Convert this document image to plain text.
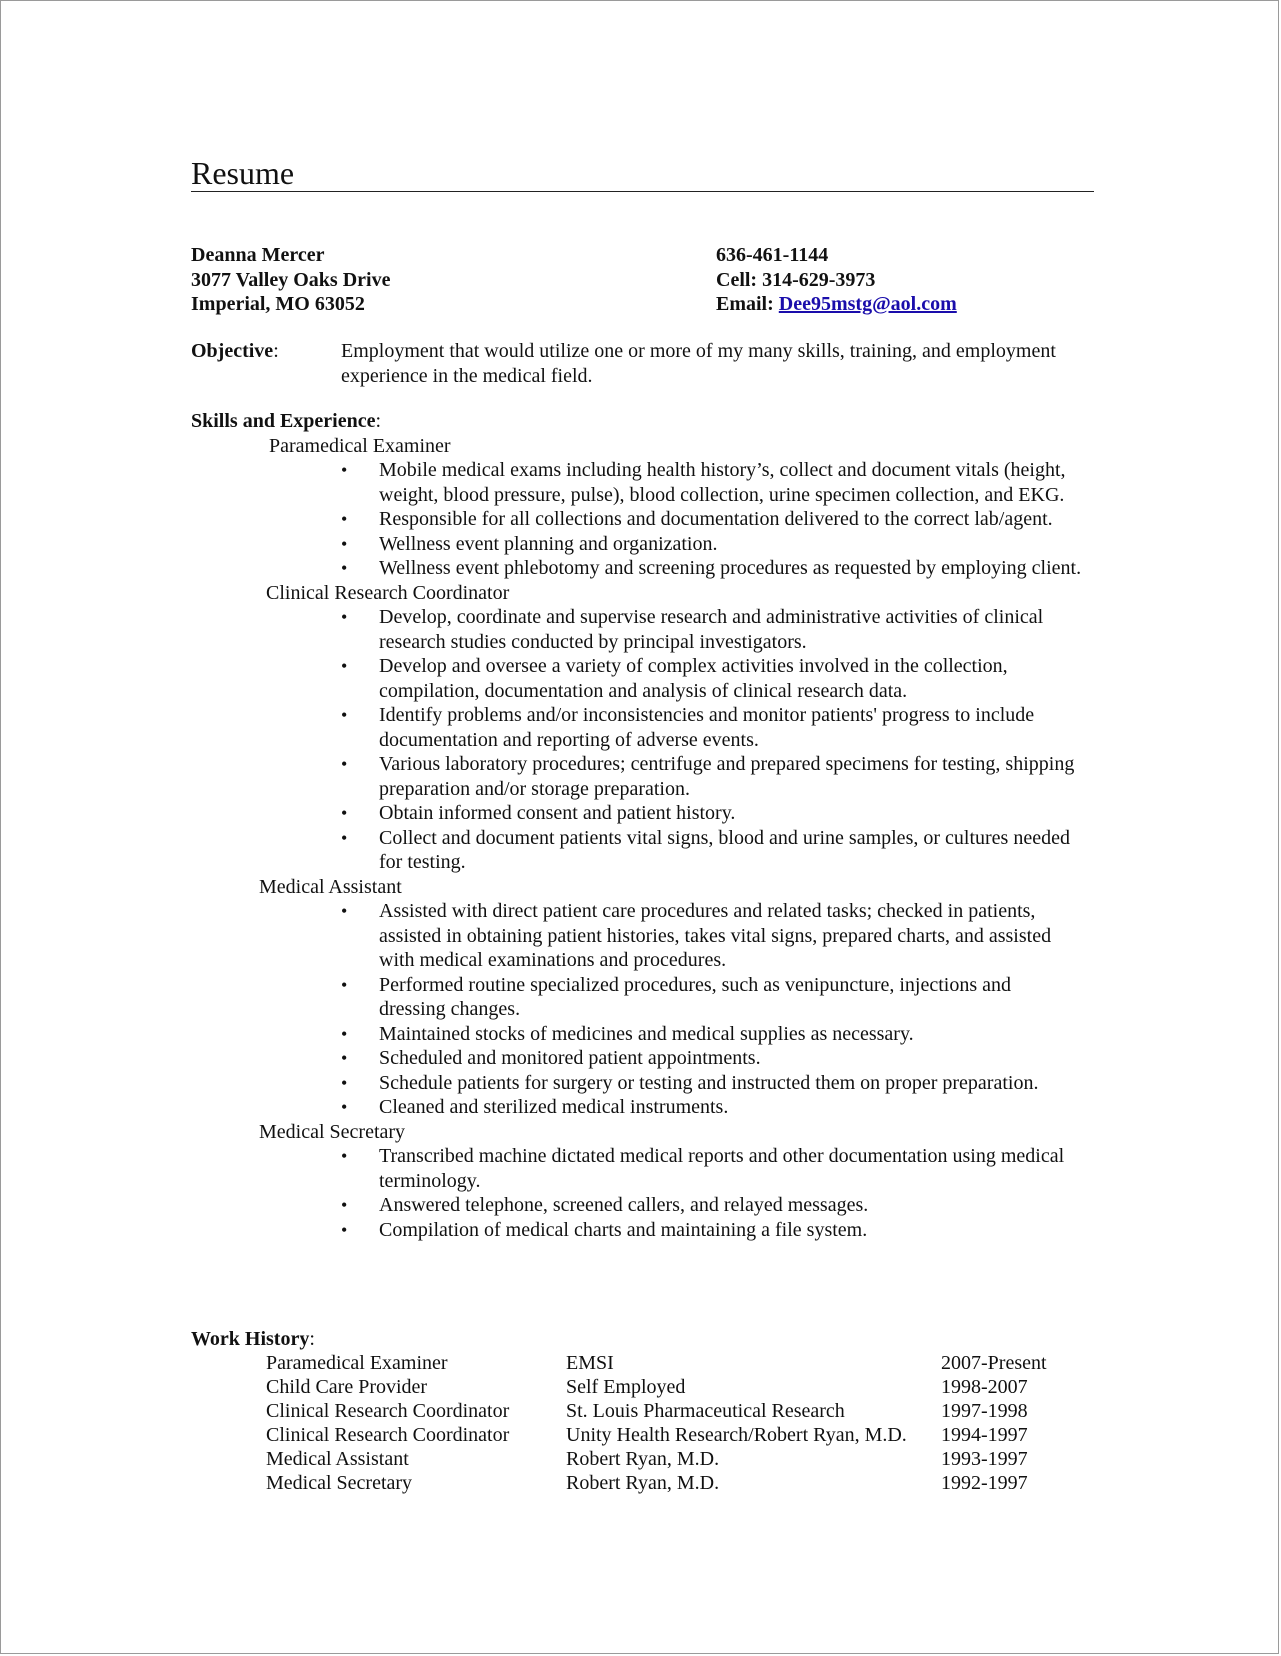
Resume
Deanna Mercer
3077 Valley Oaks Drive
Imperial, MO 63052
636-461-1144
Cell: 314-629-3973
Email: Dee95mstg@aol.com
Objective:	Employment that would utilize one or more of my many skills, training, and employment experience in the medical field.
Skills and Experience:
Paramedical Examiner
• Mobile medical exams including health history’s, collect and document vitals (height, weight, blood pressure, pulse), blood collection, urine specimen collection, and EKG.
• Responsible for all collections and documentation delivered to the correct lab/agent.
• Wellness event planning and organization.
• Wellness event phlebotomy and screening procedures as requested by employing client.
Clinical Research Coordinator
• Develop, coordinate and supervise research and administrative activities of clinical research studies conducted by principal investigators.
• Develop and oversee a variety of complex activities involved in the collection, compilation, documentation and analysis of clinical research data.
• Identify problems and/or inconsistencies and monitor patients' progress to include documentation and reporting of adverse events.
• Various laboratory procedures; centrifuge and prepared specimens for testing, shipping preparation and/or storage preparation.
• Obtain informed consent and patient history.
• Collect and document patients vital signs, blood and urine samples, or cultures needed for testing.
Medical Assistant
• Assisted with direct patient care procedures and related tasks; checked in patients, assisted in obtaining patient histories, takes vital signs, prepared charts, and assisted with medical examinations and procedures.
• Performed routine specialized procedures, such as venipuncture, injections and dressing changes.
• Maintained stocks of medicines and medical supplies as necessary.
• Scheduled and monitored patient appointments.
• Schedule patients for surgery or testing and instructed them on proper preparation.
• Cleaned and sterilized medical instruments.
Medical Secretary
• Transcribed machine dictated medical reports and other documentation using medical terminology.
• Answered telephone, screened callers, and relayed messages.
• Compilation of medical charts and maintaining a file system.
Work History:
Paramedical Examiner	EMSI	2007-Present
Child Care Provider	Self Employed	1998-2007
Clinical Research Coordinator	St. Louis Pharmaceutical Research	1997-1998
Clinical Research Coordinator	Unity Health Research/Robert Ryan, M.D.	1994-1997
Medical Assistant	Robert Ryan, M.D.	1993-1997
Medical Secretary	Robert Ryan, M.D.	1992-1997
